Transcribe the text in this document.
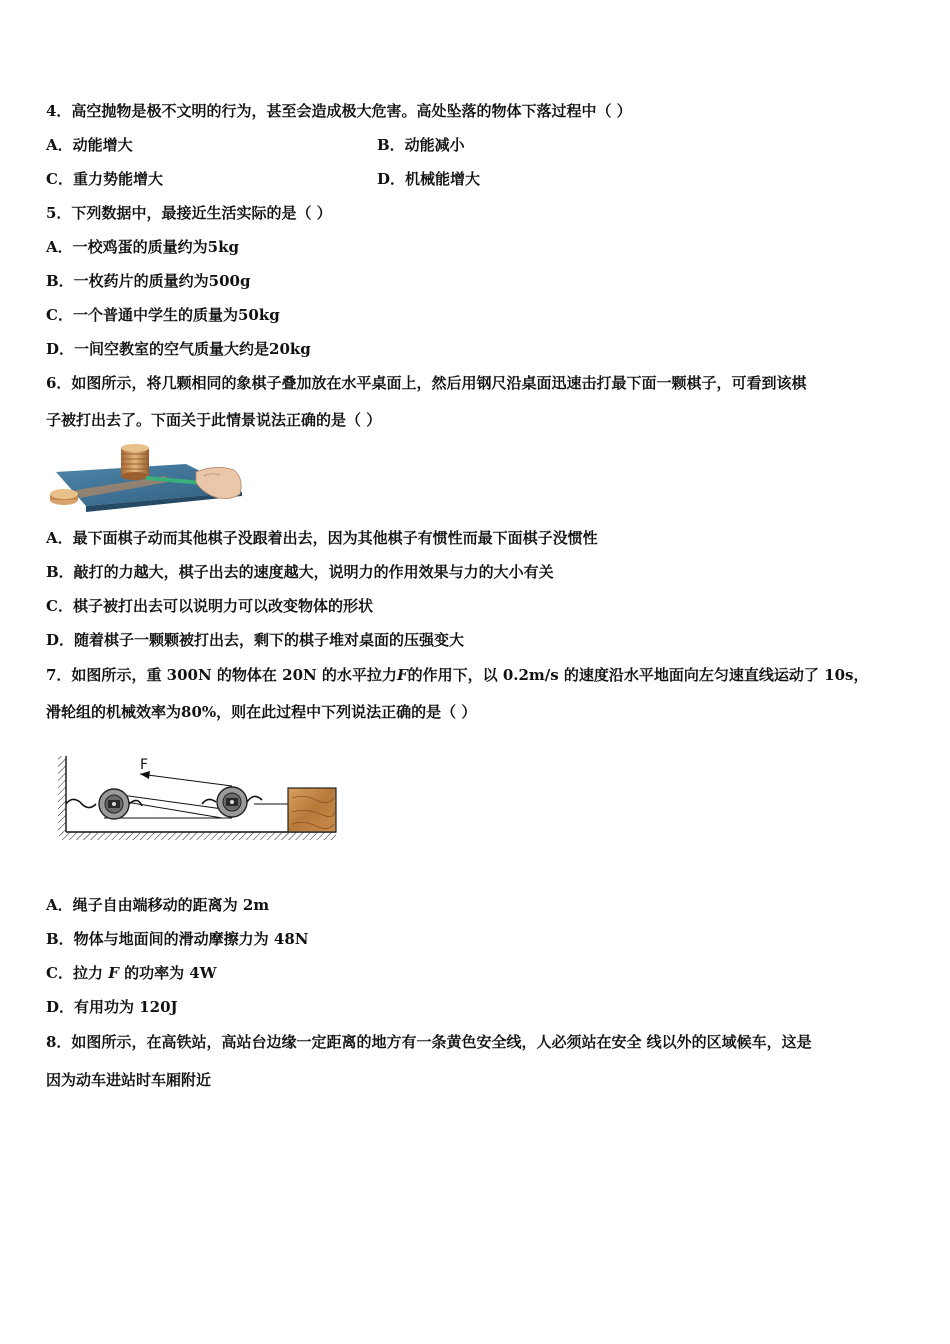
4．高空抛物是极不文明的行为，甚至会造成极大危害。高处坠落的物体下落过程中（ ）
A．动能增大	B．动能减小
C．重力势能增大	D．机械能增大
5．下列数据中，最接近生活实际的是（ ）
A．一校鸡蛋的质量约为5kg
B．一枚药片的质量约为500g
C．一个普通中学生的质量为50kg
D．一间空教室的空气质量大约是20kg
6．如图所示，将几颗相同的象棋子叠加放在水平桌面上，然后用钢尺沿桌面迅速击打最下面一颗棋子，可看到该棋
子被打出去了。下面关于此情景说法正确的是（ ）
A．最下面棋子动而其他棋子没跟着出去，因为其他棋子有惯性而最下面棋子没惯性
B．敲打的力越大，棋子出去的速度越大，说明力的作用效果与力的大小有关
C．棋子被打出去可以说明力可以改变物体的形状
D．随着棋子一颗颗被打出去，剩下的棋子堆对桌面的压强变大
7．如图所示，重 300N 的物体在 20N 的水平拉力F的作用下，以 0.2m/s 的速度沿水平地面向左匀速直线运动了 10s，
滑轮组的机械效率为80%，则在此过程中下列说法正确的是（ ）
F
A．绳子自由端移动的距离为 2m
B．物体与地面间的滑动摩擦力为 48N
C．拉力 F 的功率为 4W
D．有用功为 120J
8．如图所示，在高铁站，高站台边缘一定距离的地方有一条黄色安全线，人必须站在安全 线以外的区域候车，这是
因为动车进站时车厢附近
